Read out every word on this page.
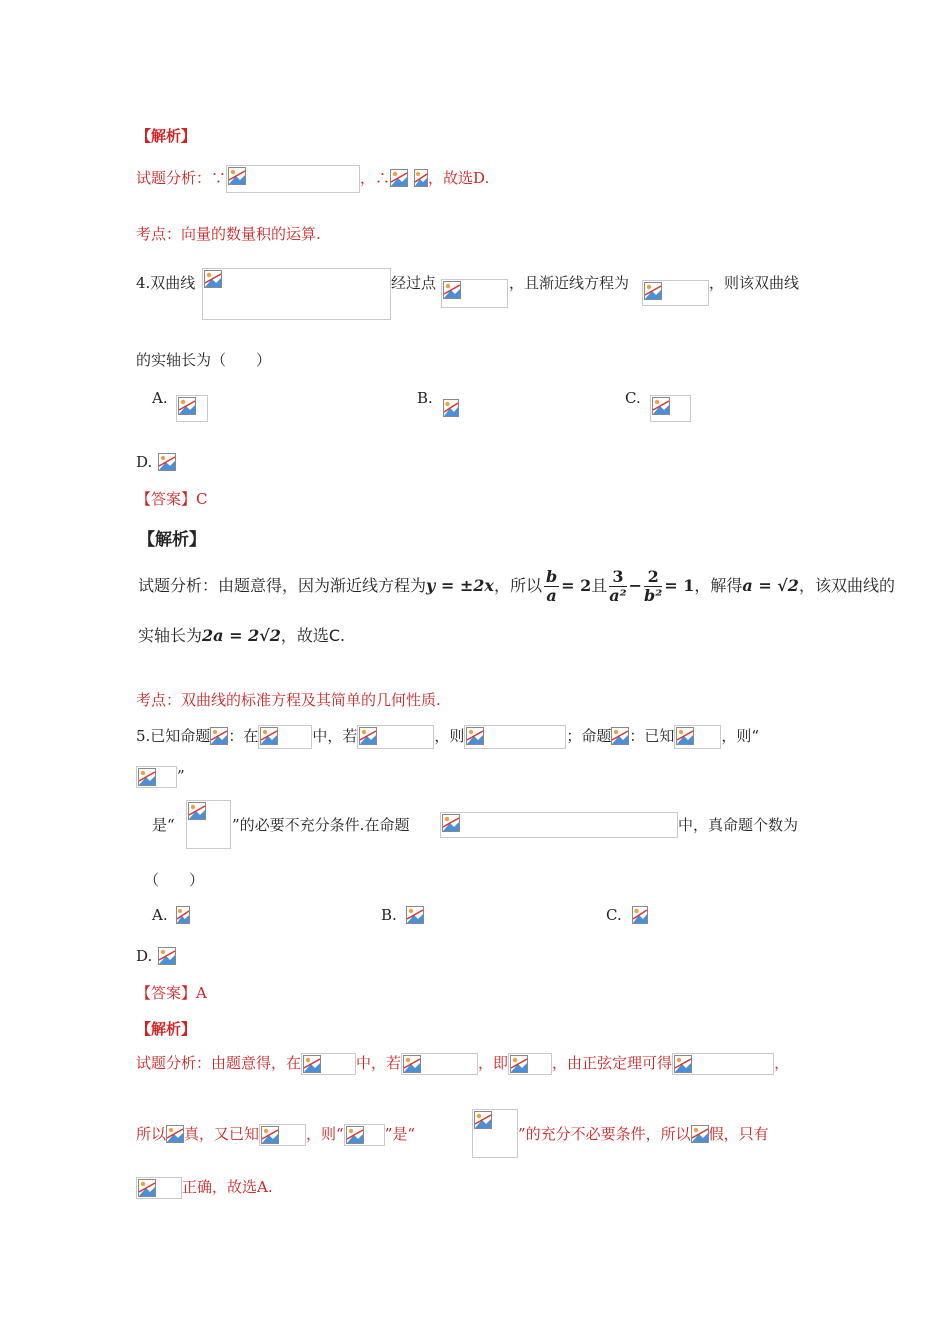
【解析】
试题分析：∵	，∴	，故选D.
考点：向量的数量积的运算.
4.双曲线	经过点	，且渐近线方程为	，则该双曲线
的实轴长为（　　）
A.	B.	C.
D.
【答案】C
【解析】
试题分析：由题意得，因为渐近线方程为y = ±2x，所以 $\frac{b}{a} = 2$且 $\frac{3}{\text{a²}} - \frac{2}{\text{b²}} = 1$，解得a = √2，该双曲线的
实轴长为2a = 2√2，故选C.
考点：双曲线的标准方程及其简单的几何性质.
5.已知命题 ：在	中，若	，则	；命题 ：已知	，则“
”
是“	”的必要不充分条件.在命题	中，真命题个数为
（　　）
A.	B.	C.
D.
【答案】A
【解析】
试题分析：由题意得，在	中，若	，即	，由正弦定理可得	，
所以 真，又已知	，则“	”是“	”的充分不必要条件，所以 假，只有
正确，故选A.
